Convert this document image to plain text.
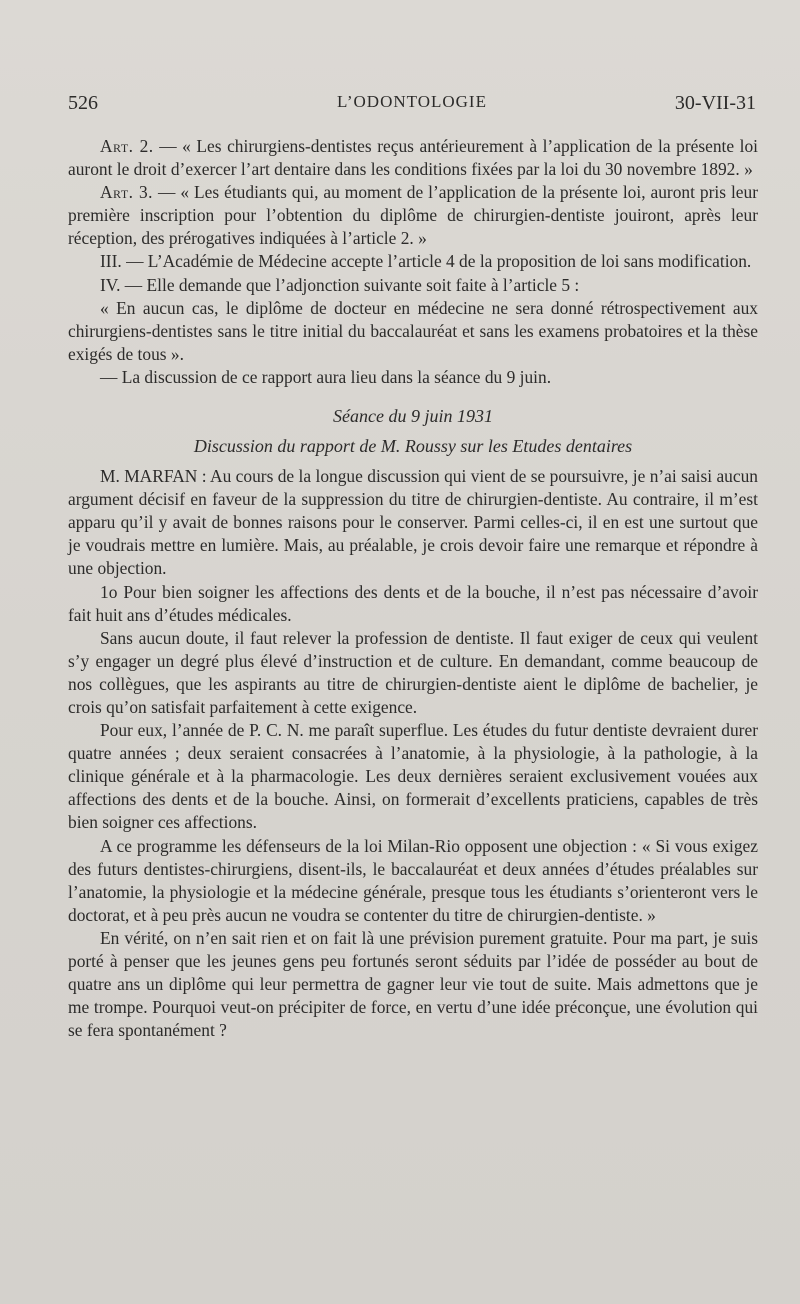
526	L’ODONTOLOGIE	30-VII-31

Art. 2. — « Les chirurgiens-dentistes reçus antérieurement à l’application de la présente loi auront le droit d’exercer l’art dentaire dans les conditions fixées par la loi du 30 novembre 1892. »

Art. 3. — « Les étudiants qui, au moment de l’application de la présente loi, auront pris leur première inscription pour l’obtention du diplôme de chirurgien-dentiste jouiront, après leur réception, des prérogatives indiquées à l’article 2. »

III. — L’Académie de Médecine accepte l’article 4 de la proposition de loi sans modification.

IV. — Elle demande que l’adjonction suivante soit faite à l’article 5 :

« En aucun cas, le diplôme de docteur en médecine ne sera donné rétrospectivement aux chirurgiens-dentistes sans le titre initial du baccalauréat et sans les examens probatoires et la thèse exigés de tous ».

— La discussion de ce rapport aura lieu dans la séance du 9 juin.

Séance du 9 juin 1931

Discussion du rapport de M. Roussy sur les Etudes dentaires

M. MARFAN : Au cours de la longue discussion qui vient de se poursuivre, je n’ai saisi aucun argument décisif en faveur de la suppression du titre de chirurgien-dentiste. Au contraire, il m’est apparu qu’il y avait de bonnes raisons pour le conserver. Parmi celles-ci, il en est une surtout que je voudrais mettre en lumière. Mais, au préalable, je crois devoir faire une remarque et répondre à une objection.

1o Pour bien soigner les affections des dents et de la bouche, il n’est pas nécessaire d’avoir fait huit ans d’études médicales.

Sans aucun doute, il faut relever la profession de dentiste. Il faut exiger de ceux qui veulent s’y engager un degré plus élevé d’instruction et de culture. En demandant, comme beaucoup de nos collègues, que les aspirants au titre de chirurgien-dentiste aient le diplôme de bachelier, je crois qu’on satisfait parfaitement à cette exigence.

Pour eux, l’année de P. C. N. me paraît superflue. Les études du futur dentiste devraient durer quatre années ; deux seraient consacrées à l’anatomie, à la physiologie, à la pathologie, à la clinique générale et à la pharmacologie. Les deux dernières seraient exclusivement vouées aux affections des dents et de la bouche. Ainsi, on formerait d’excellents praticiens, capables de très bien soigner ces affections.

A ce programme les défenseurs de la loi Milan-Rio opposent une objection : « Si vous exigez des futurs dentistes-chirurgiens, disent-ils, le baccalauréat et deux années d’études préalables sur l’anatomie, la physiologie et la médecine générale, presque tous les étudiants s’orienteront vers le doctorat, et à peu près aucun ne voudra se contenter du titre de chirurgien-dentiste. »

En vérité, on n’en sait rien et on fait là une prévision purement gratuite. Pour ma part, je suis porté à penser que les jeunes gens peu fortunés seront séduits par l’idée de posséder au bout de quatre ans un diplôme qui leur permettra de gagner leur vie tout de suite. Mais admettons que je me trompe. Pourquoi veut-on précipiter de force, en vertu d’une idée préconçue, une évolution qui se fera spontanément ?
